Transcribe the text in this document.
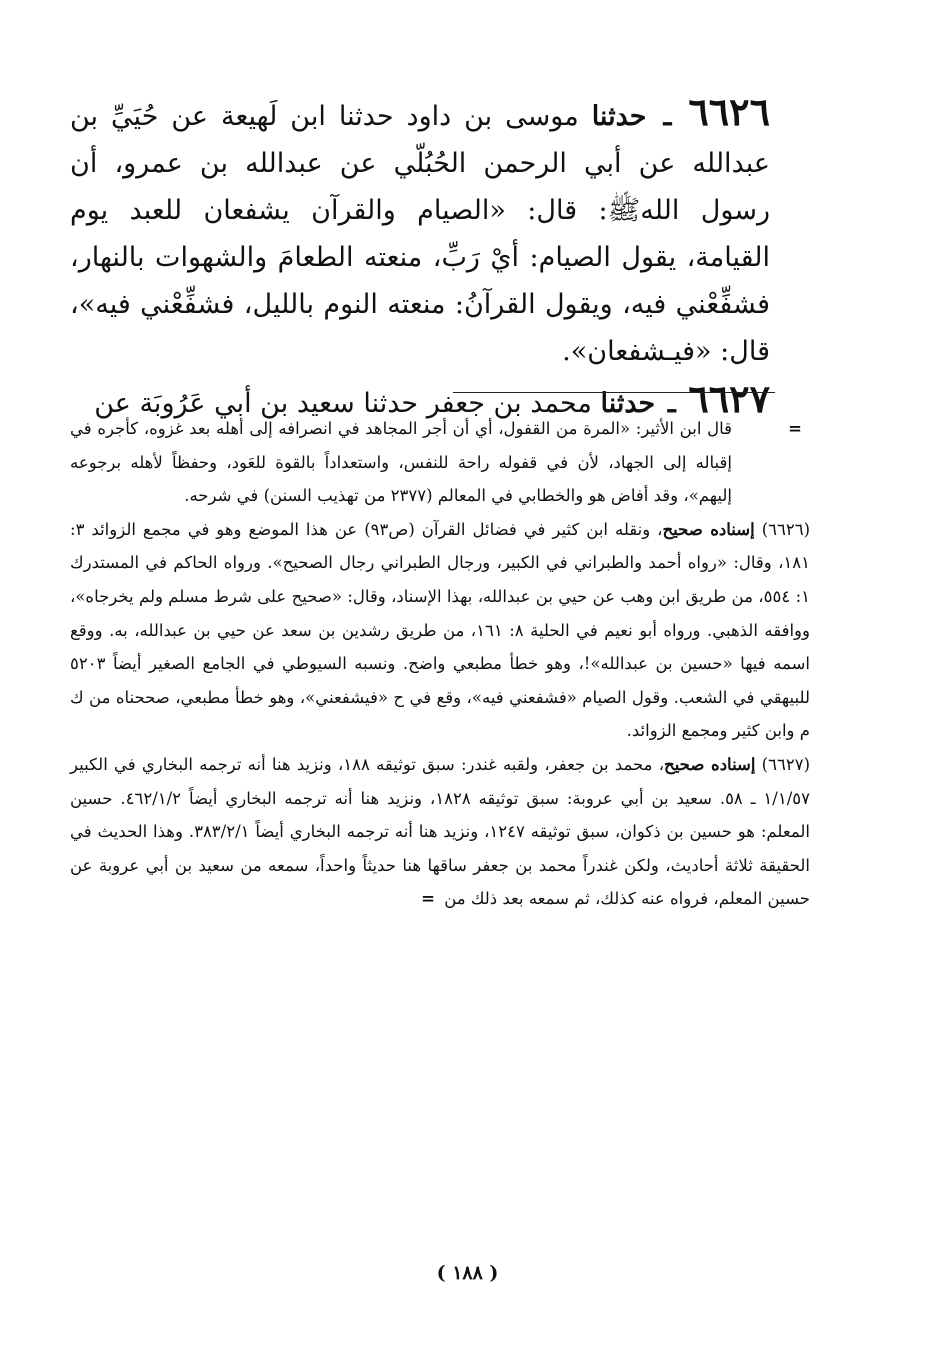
٦٦٢٦ ـ حدثنا موسى بن داود حدثنا ابن لَهيعة عن حُيَيِّ بن عبدالله عن أبي الرحمن الحُبُلّي عن عبدالله بن عمرو، أن رسول اللهﷺ: قال: «الصيام والقرآن يشفعان للعبد يوم القيامة، يقول الصيام: أيْ رَبِّ، منعته الطعامَ والشهوات بالنهار، فشفِّعْني فيه، ويقول القرآنُ: منعته النوم بالليل، فشفِّعْني فيه»، قال: «فيـشفعان».

٦٦٢٧ ـ حدثنا محمد بن جعفر حدثنا سعيد بن أبي عَرُوبَة عن

=
قال ابن الأثير: «المرة من القفول، أي أن أجر المجاهد في انصرافه إلى أهله بعد غزوه، كأجره في إقباله إلى الجهاد، لأن في قفوله راحة للنفس، واستعداداً بالقوة للعَود، وحفظاً لأهله برجوعه إليهم»، وقد أفاض هو والخطابي في المعالم (٢٣٧٧ من تهذيب السنن) في شرحه.

(٦٦٢٦) إسناده صحيح، ونقله ابن كثير في فضائل القرآن (ص٩٣) عن هذا الموضع وهو في مجمع الزوائد ٣: ١٨١، وقال: «رواه أحمد والطبراني في الكبير، ورجال الطبراني رجال الصحيح». ورواه الحاكم في المستدرك ١: ٥٥٤، من طريق ابن وهب عن حيي بن عبدالله، بهذا الإسناد، وقال: «صحيح على شرط مسلم ولم يخرجاه»، ووافقه الذهبي. ورواه أبو نعيم في الحلية ٨: ١٦١، من طريق رشدين بن سعد عن حيي بن عبدالله، به. ووقع اسمه فيها «حسين بن عبدالله»!، وهو خطأ مطبعي واضح. ونسبه السيوطي في الجامع الصغير أيضاً ٥٢٠٣ للبيهقي في الشعب. وقول الصيام «فشفعني فيه»، وقع في ح «فيشفعني»، وهو خطأ مطبعي، صححناه من ك م وابن كثير ومجمع الزوائد.

(٦٦٢٧) إسناده صحيح، محمد بن جعفر، ولقبه غندر: سبق توثيقه ١٨٨، ونزيد هنا أنه ترجمه البخاري في الكبير ١/١/٥٧ ـ ٥٨. سعيد بن أبي عروبة: سبق توثيقه ١٨٢٨، ونزيد هنا أنه ترجمه البخاري أيضاً ٤٦٢/١/٢. حسين المعلم: هو حسين بن ذكوان، سبق توثيقه ١٢٤٧، ونزيد هنا أنه ترجمه البخاري أيضاً ٣٨٣/٢/١. وهذا الحديث في الحقيقة ثلاثة أحاديث، ولكن غندراً محمد بن جعفر ساقها هنا حديثاً واحداً، سمعه من سعيد بن أبي عروبة عن حسين المعلم، فرواه عنه كذلك، ثم سمعه بعد ذلك من =

( ١٨٨ )
